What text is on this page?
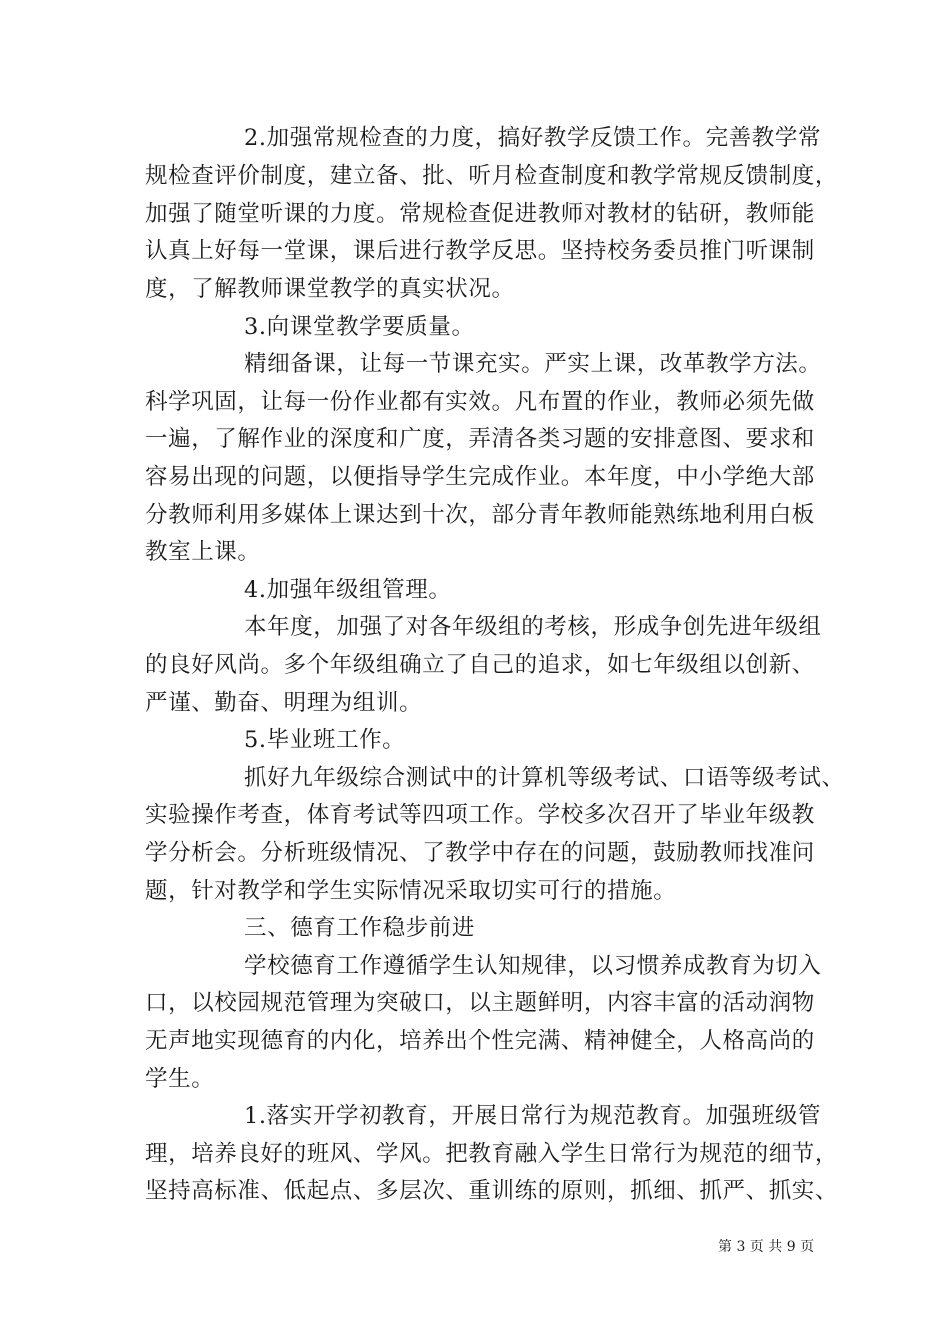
2.加强常规检查的力度，搞好教学反馈工作。完善教学常
规检查评价制度，建立备、批、听月检查制度和教学常规反馈制度，
加强了随堂听课的力度。常规检查促进教师对教材的钻研，教师能
认真上好每一堂课，课后进行教学反思。坚持校务委员推门听课制
度，了解教师课堂教学的真实状况。
3.向课堂教学要质量。
精细备课，让每一节课充实。严实上课，改革教学方法。
科学巩固，让每一份作业都有实效。凡布置的作业，教师必须先做
一遍，了解作业的深度和广度，弄清各类习题的安排意图、要求和
容易出现的问题，以便指导学生完成作业。本年度，中小学绝大部
分教师利用多媒体上课达到十次，部分青年教师能熟练地利用白板
教室上课。
4.加强年级组管理。
本年度，加强了对各年级组的考核，形成争创先进年级组
的良好风尚。多个年级组确立了自己的追求，如七年级组以创新、
严谨、勤奋、明理为组训。
5.毕业班工作。
抓好九年级综合测试中的计算机等级考试、口语等级考试、
实验操作考查，体育考试等四项工作。学校多次召开了毕业年级教
学分析会。分析班级情况、了教学中存在的问题，鼓励教师找准问
题，针对教学和学生实际情况采取切实可行的措施。
三、德育工作稳步前进
学校德育工作遵循学生认知规律，以习惯养成教育为切入
口，以校园规范管理为突破口，以主题鲜明，内容丰富的活动润物
无声地实现德育的内化，培养出个性完满、精神健全，人格高尚的
学生。
1.落实开学初教育，开展日常行为规范教育。加强班级管
理，培养良好的班风、学风。把教育融入学生日常行为规范的细节，
坚持高标准、低起点、多层次、重训练的原则，抓细、抓严、抓实、
第 3 页 共 9 页
